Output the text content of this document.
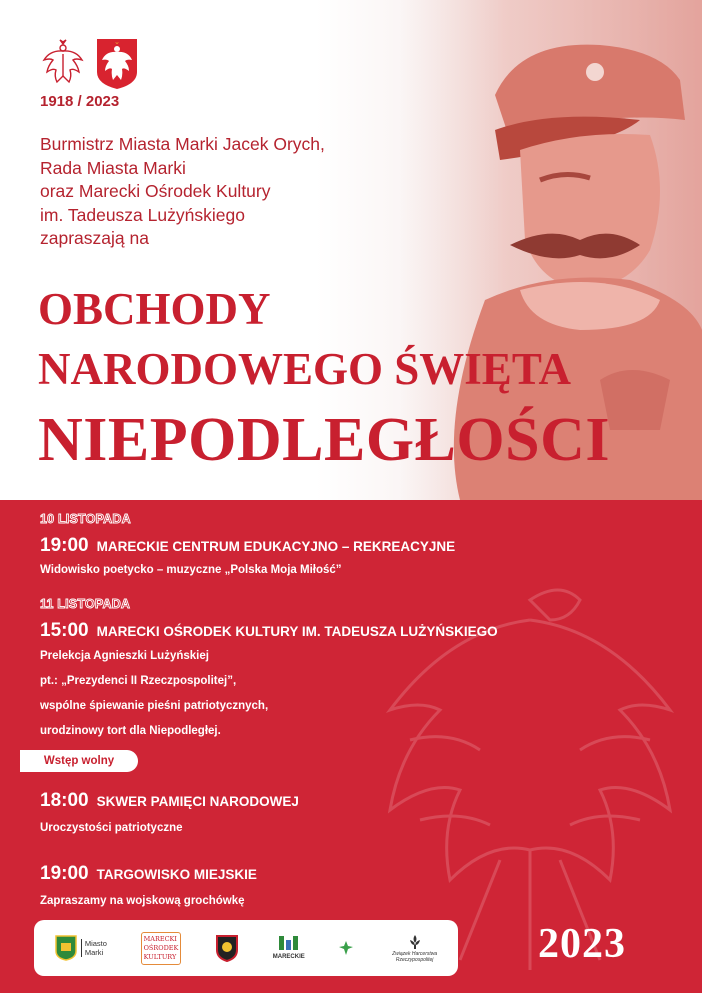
1918 / 2023
Burmistrz Miasta Marki Jacek Orych,
Rada Miasta Marki
oraz Marecki Ośrodek Kultury
im. Tadeusza Lużyńskiego
zapraszają na
OBCHODY
NARODOWEGO ŚWIĘTA
NIEPODLEGŁOŚCI
10 LISTOPADA
19:00 MARECKIE CENTRUM EDUKACYJNO – REKREACYJNE
Widowisko poetycko – muzyczne „Polska Moja Miłość”
11 LISTOPADA
15:00 MARECKI OŚRODEK KULTURY IM. TADEUSZA LUŻYŃSKIEGO
Prelekcja Agnieszki Lużyńskiej
pt.: „Prezydenci II Rzeczpospolitej”,
wspólne śpiewanie pieśni patriotycznych,
urodzinowy tort dla Niepodległej.
Wstęp wolny
18:00 SKWER PAMIĘCI NARODOWEJ
Uroczystości patriotyczne
19:00 TARGOWISKO MIEJSKIE
Zapraszamy na wojskową grochówkę
Miasto
Marki
MARECKI
OŚRODEK
KULTURY	MARECKIE
Związek Harcerstwa
Rzeczypospolitej 2023
